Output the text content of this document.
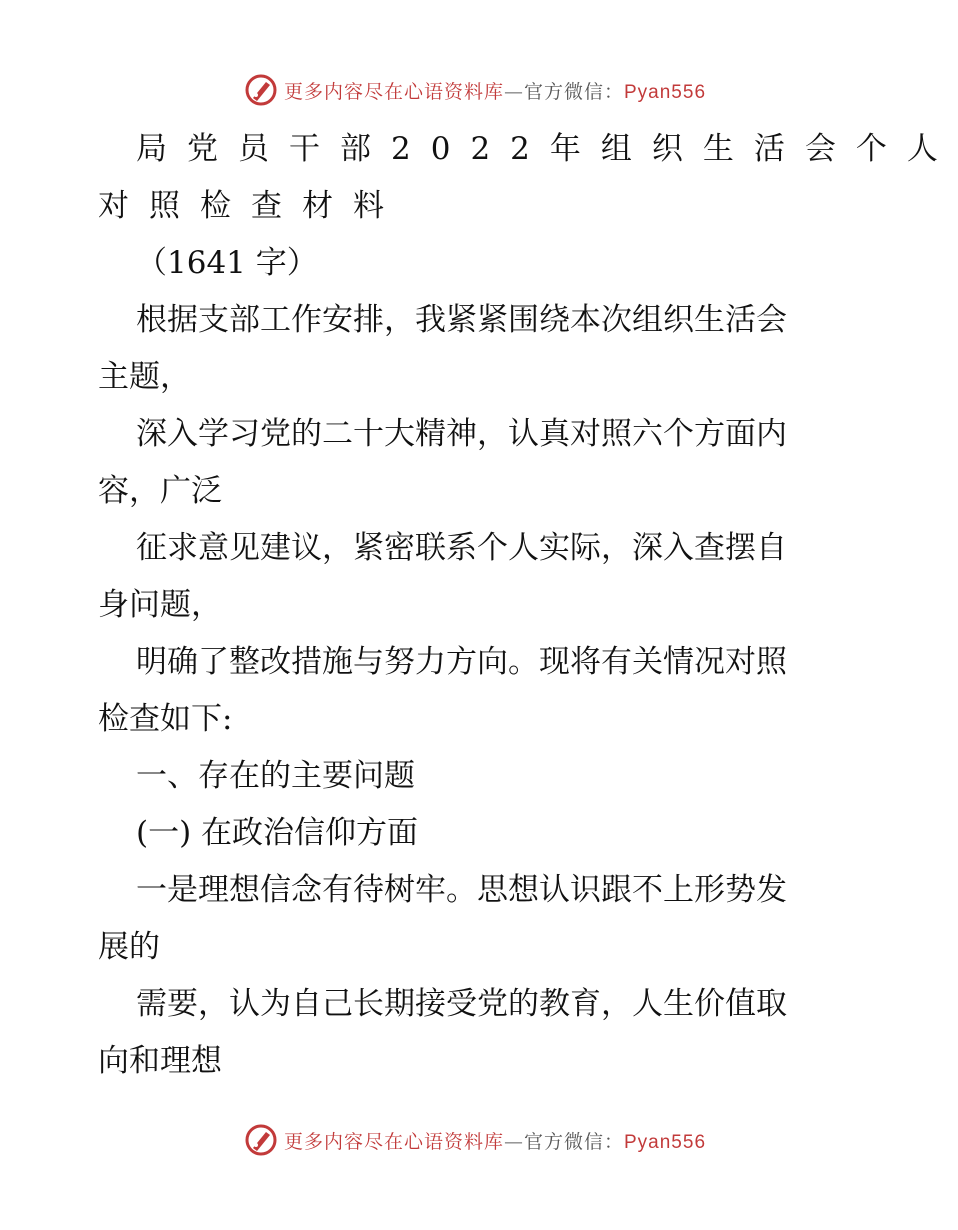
更多内容尽在心语资料库—官方微信：Pyan556
局党员干部2022年组织生活会个人
对照检查材料
（1641 字）
根据支部工作安排，我紧紧围绕本次组织生活会
主题，
深入学习党的二十大精神，认真对照六个方面内
容，广泛
征求意见建议，紧密联系个人实际，深入查摆自
身问题，
明确了整改措施与努力方向。现将有关情况对照
检查如下:
一、存在的主要问题
(一) 在政治信仰方面
一是理想信念有待树牢。思想认识跟不上形势发
展的
需要，认为自己长期接受党的教育，人生价值取
向和理想
更多内容尽在心语资料库—官方微信：Pyan556
